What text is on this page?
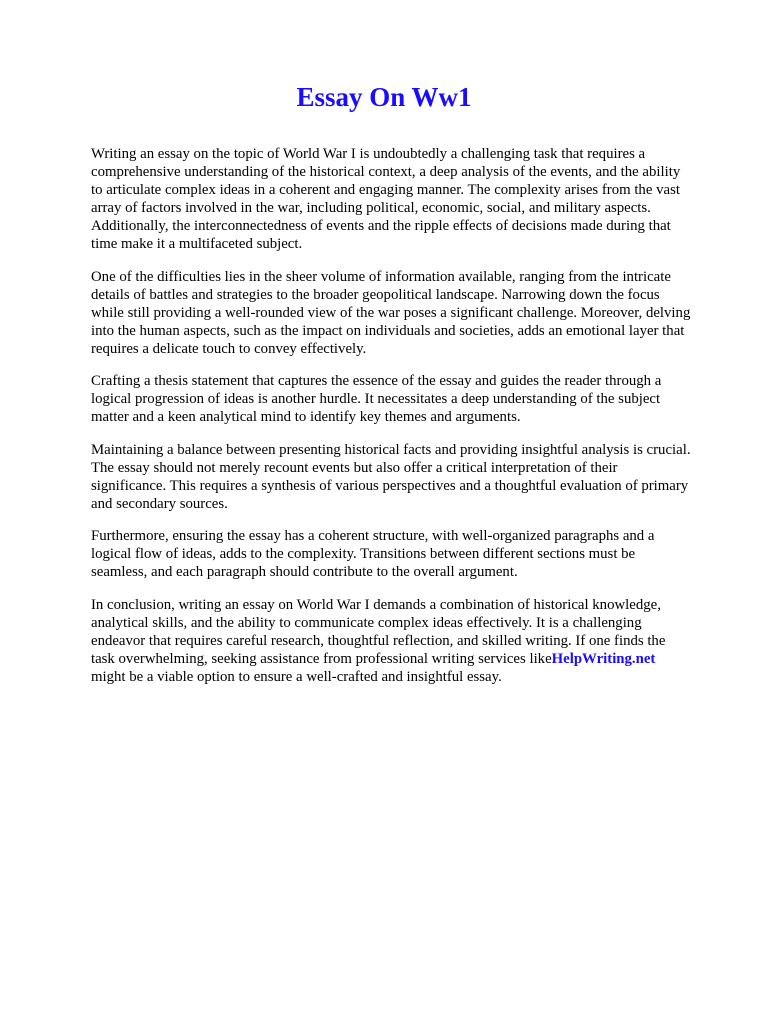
Essay On Ww1

Writing an essay on the topic of World War I is undoubtedly a challenging task that requires a comprehensive understanding of the historical context, a deep analysis of the events, and the ability to articulate complex ideas in a coherent and engaging manner. The complexity arises from the vast array of factors involved in the war, including political, economic, social, and military aspects. Additionally, the interconnectedness of events and the ripple effects of decisions made during that time make it a multifaceted subject.

One of the difficulties lies in the sheer volume of information available, ranging from the intricate details of battles and strategies to the broader geopolitical landscape. Narrowing down the focus while still providing a well-rounded view of the war poses a significant challenge. Moreover, delving into the human aspects, such as the impact on individuals and societies, adds an emotional layer that requires a delicate touch to convey effectively.

Crafting a thesis statement that captures the essence of the essay and guides the reader through a logical progression of ideas is another hurdle. It necessitates a deep understanding of the subject matter and a keen analytical mind to identify key themes and arguments.

Maintaining a balance between presenting historical facts and providing insightful analysis is crucial. The essay should not merely recount events but also offer a critical interpretation of their significance. This requires a synthesis of various perspectives and a thoughtful evaluation of primary and secondary sources.

Furthermore, ensuring the essay has a coherent structure, with well-organized paragraphs and a logical flow of ideas, adds to the complexity. Transitions between different sections must be seamless, and each paragraph should contribute to the overall argument.

In conclusion, writing an essay on World War I demands a combination of historical knowledge, analytical skills, and the ability to communicate complex ideas effectively. It is a challenging endeavor that requires careful research, thoughtful reflection, and skilled writing. If one finds the task overwhelming, seeking assistance from professional writing services likeHelpWriting.net might be a viable option to ensure a well-crafted and insightful essay.
